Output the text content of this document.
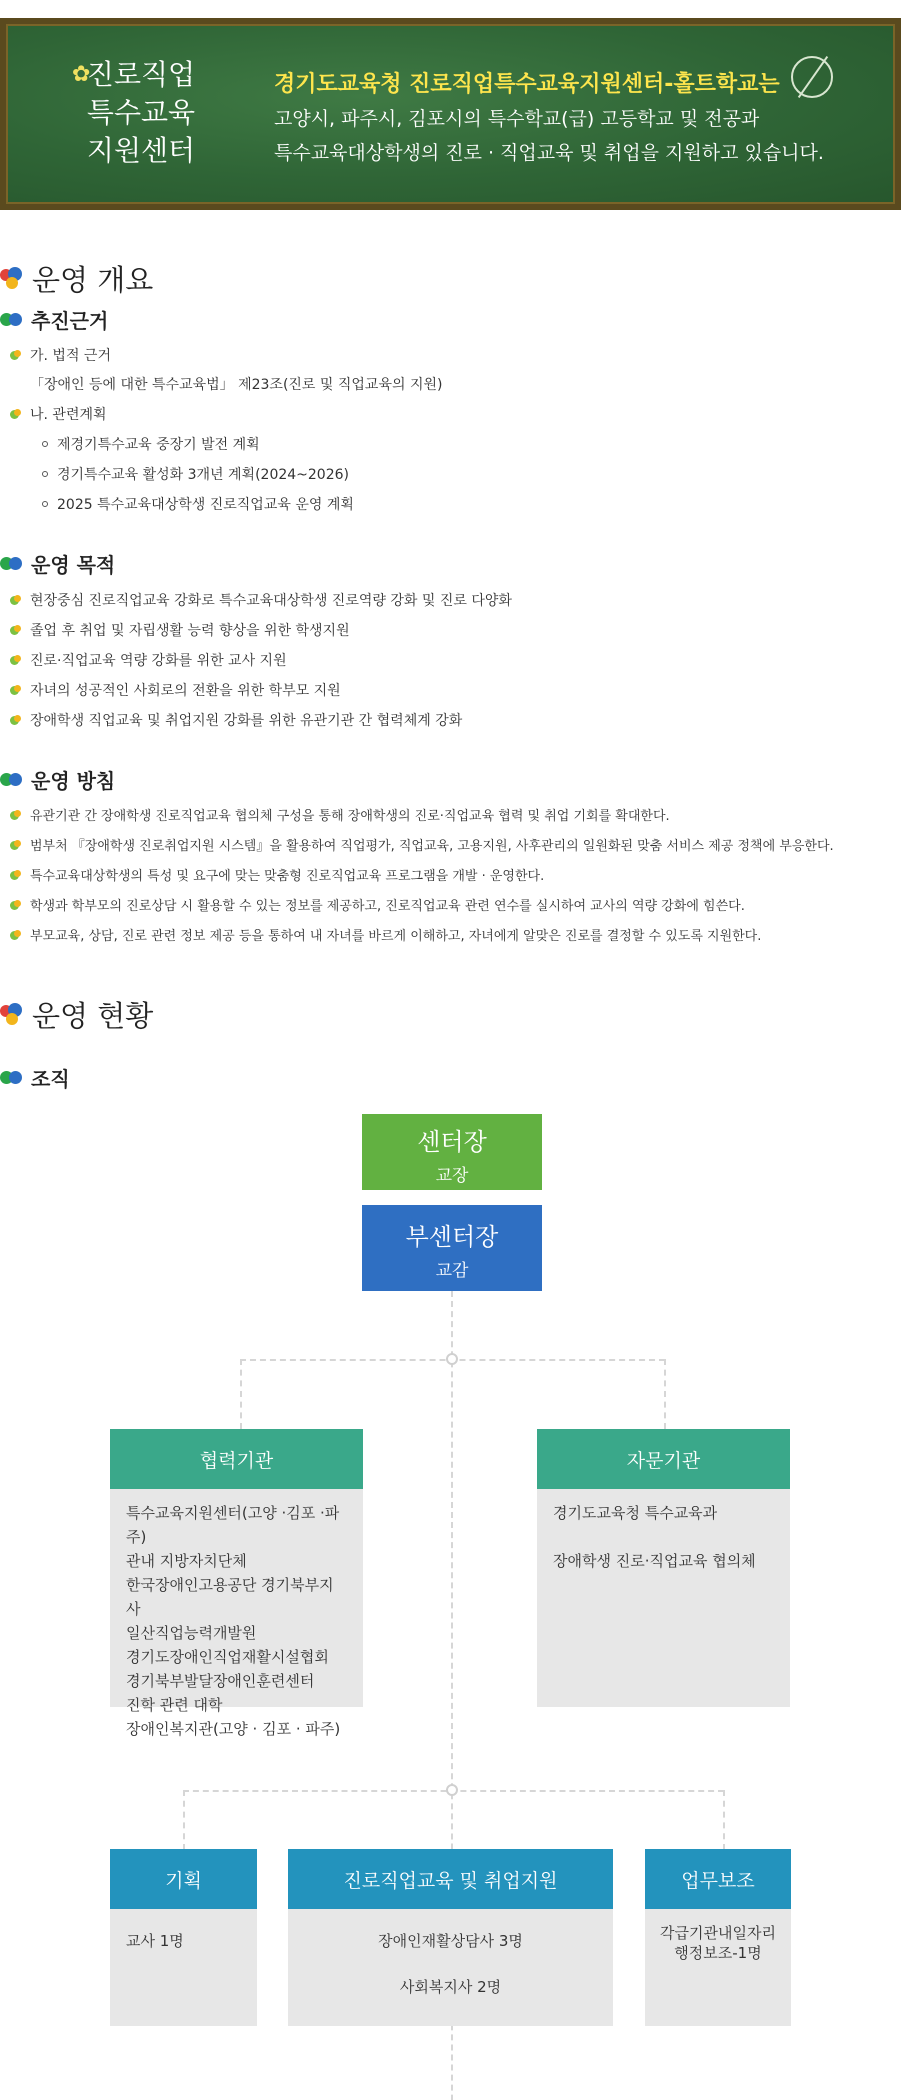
✿
진로직업
특수교육
지원센터
경기도교육청 진로직업특수교육지원센터-홀트학교는
고양시, 파주시, 김포시의 특수학교(급) 고등학교 및 전공과
특수교육대상학생의 진로 · 직업교육 및 취업을 지원하고 있습니다.
운영 개요
추진근거
가. 법적 근거
「장애인 등에 대한 특수교육법」 제23조(진로 및 직업교육의 지원)
나. 관련계획
제경기특수교육 중장기 발전 계획
경기특수교육 활성화 3개년 계획(2024~2026)
2025 특수교육대상학생 진로직업교육 운영 계획
운영 목적
현장중심 진로직업교육 강화로 특수교육대상학생 진로역량 강화 및 진로 다양화
졸업 후 취업 및 자립생활 능력 향상을 위한 학생지원
진로·직업교육 역량 강화를 위한 교사 지원
자녀의 성공적인 사회로의 전환을 위한 학부모 지원
장애학생 직업교육 및 취업지원 강화를 위한 유관기관 간 협력체계 강화
운영 방침
유관기관 간 장애학생 진로직업교육 협의체 구성을 통해 장애학생의 진로·직업교육 협력 및 취업 기회를 확대한다.
범부처 『장애학생 진로취업지원 시스템』을 활용하여 직업평가, 직업교육, 고용지원, 사후관리의 일원화된 맞춤 서비스 제공 정책에 부응한다.
특수교육대상학생의 특성 및 요구에 맞는 맞춤형 진로직업교육 프로그램을 개발 · 운영한다.
학생과 학부모의 진로상담 시 활용할 수 있는 정보를 제공하고, 진로직업교육 관련 연수를 실시하여 교사의 역량 강화에 힘쓴다.
부모교육, 상담, 진로 관련 정보 제공 등을 통하여 내 자녀를 바르게 이해하고, 자녀에게 알맞은 진로를 결정할 수 있도록 지원한다.
운영 현황
조직
센터장
교장
부센터장
교감
협력기관
특수교육지원센터(고양 ·김포 ·파주)
관내 지방자치단체
한국장애인고용공단 경기북부지사
일산직업능력개발원
경기도장애인직업재활시설협회
경기북부발달장애인훈련센터
진학 관련 대학
장애인복지관(고양 · 김포 · 파주)
자문기관
경기도교육청 특수교육과
장애학생 진로·직업교육 협의체
기획
교사 1명
진로직업교육 및 취업지원
장애인재활상담사 3명
사회복지사 2명
업무보조
각급기관내일자리
행정보조-1명
